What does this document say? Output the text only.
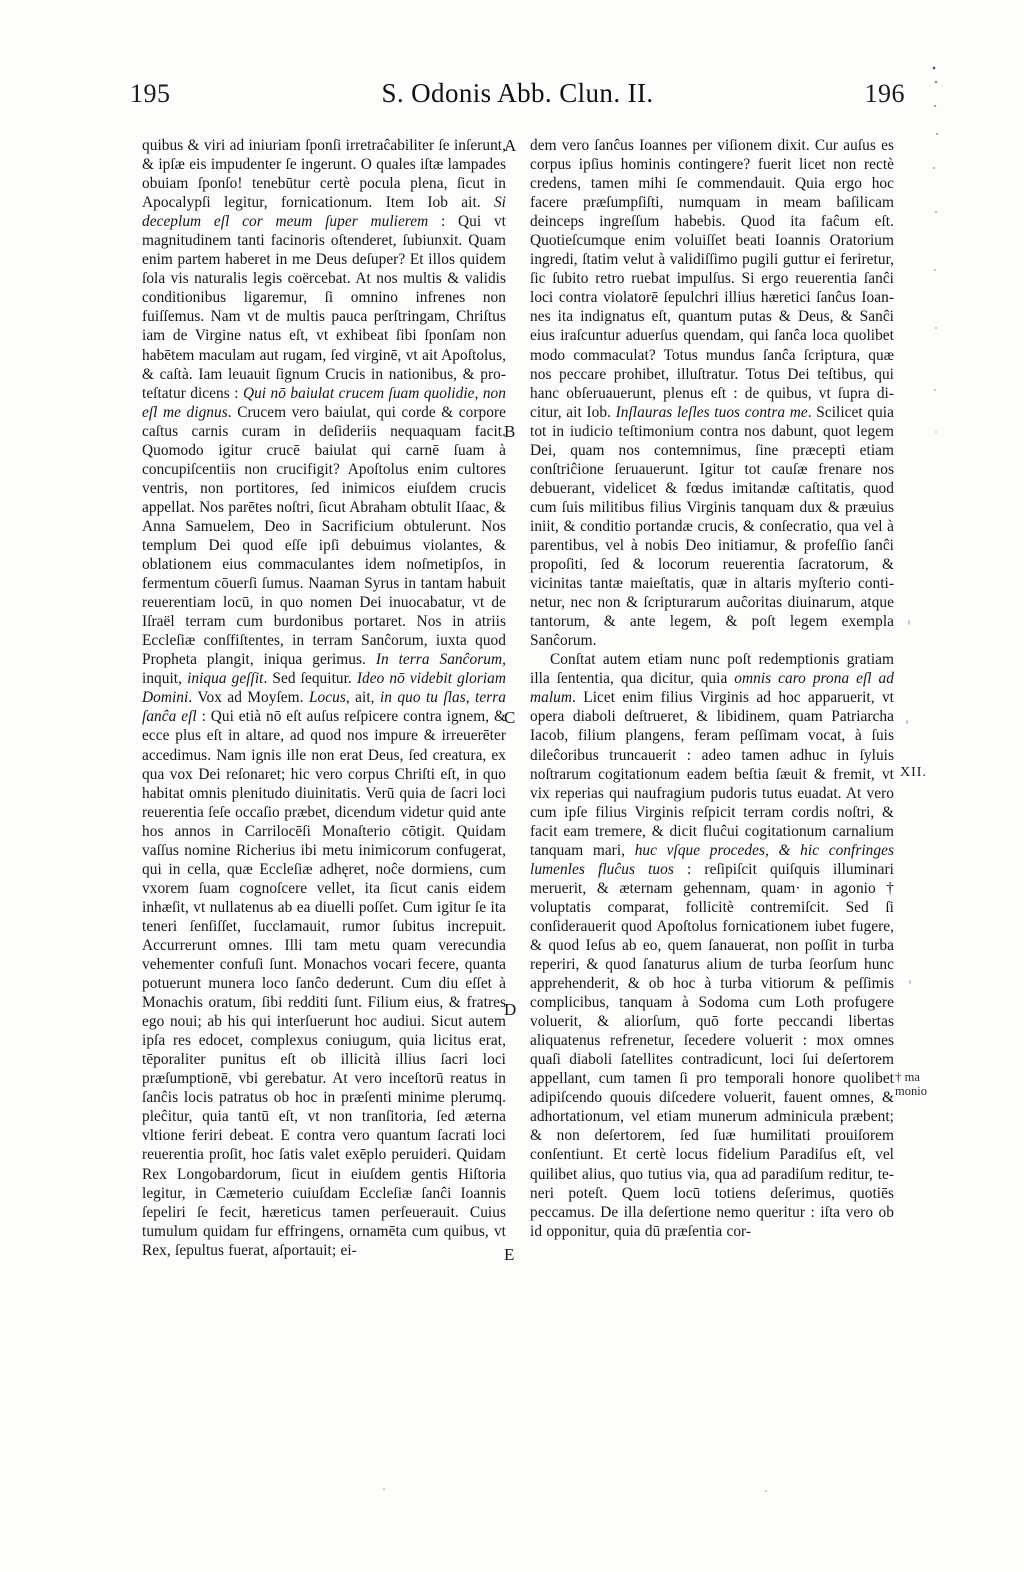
195	S. Odonis Abb. Clun. II.	196

quibus & viri ad iniuriam ſponſi irretraĉabiliter ſe inſerunt, & ipſæ eis impudenter ſe ingerunt. O quales iſtæ lampades obuiam ſponſo! tenebūtur certè pocula plena, ſicut in Apocalypſi legitur, fornicationum. Item Iob ait. Si deceplum eſl cor meum ſuper mulierem : Qui vt magnitudinem tanti facinoris oſtenderet, ſubiunxit. Quam enim partem haberet in me Deus deſuper? Et illos quidem ſola vis naturalis legis coërcebat. At nos multis & validis conditionibus ligaremur, ſi omnino infrenes non fuiſſemus. Nam vt de multis pauca perſtringam, Chriſtus iam de Virgine natus eſt, vt exhibeat ſibi ſponſam non habētem maculam aut rugam, ſed virginē, vt ait Apoſtolus, & caſtà. Iam leuauit ſignum Crucis in nationibus, & proteſtatur dicens : Qui nō baiulat crucem ſuam quolidie, non eſl me dignus. Crucem vero baiulat, qui corde & corpore caſtus carnis curam in deſideriis nequaquam facit. Quomodo igitur crucē baiulat qui carnē ſuam à concupiſcentiis non crucifigit? Apoſtolus enim cultores ventris, non portitores, ſed inimicos eiuſdem crucis appellat. Nos parētes noſtri, ſicut Abraham obtulit Iſaac, & Anna Samuelem, Deo in Sacrificium obtulerunt. Nos templum Dei quod eſſe ipſi debuimus violantes, & oblationem eius commaculantes idem noſmetipſos, in fermentum cōuerſi ſumus. Naaman Syrus in tantam habuit reuerentiam locū, in quo nomen Dei inuocabatur, vt de Iſraël terram cum burdonibus portaret. Nos in atriis Eccleſiæ conſfiſtentes, in terram Sanĉorum, iuxta quod Propheta plangit, iniqua gerimus. In terra Sanĉorum, inquit, iniqua geſſit. Sed ſequitur. Ideo nō videbit gloriam Domini. Vox ad Moyſem. Locus, ait, in quo tu ſlas, terra ſanĉa eſl : Qui etià nō eſt auſus reſpicere contra ignem, & ecce plus eſt in altare, ad quod nos impure & irreuerēter accedimus. Nam ignis ille non erat Deus, ſed creatura, ex qua vox Dei reſonaret; hic vero corpus Chriſti eſt, in quo habitat omnis plenitudo diuinitatis. Verū quia de ſacri loci reuerentia ſeſe occaſio præbet, dicendum videtur quid ante hos annos in Carrilocēſi Monaſterio cōtigit. Quidam vaſſus nomine Richerius ibi metu inimicorum confugerat, qui in cella, quæ Eccleſiæ adhęret, noĉe dormiens, cum vxorem ſuam cognoſcere vellet, ita ſicut canis eidem inhæſit, vt nullatenus ab ea diuelli poſſet. Cum igitur ſe ita teneri ſenſiſſet, ſucclamauit, rumor ſubitus increpuit. Accurrerunt omnes. Illi tam metu quam verecundia vehementer confuſi ſunt. Monachos vocari fecere, quanta potuerunt munera loco ſanĉo dederunt. Cum diu eſſet à Monachis oratum, ſibi redditi ſunt. Filium eius, & fratres ego noui; ab his qui interſuerunt hoc audiui. Sicut autem ipſa res edocet, complexus coniugum, quia licitus erat, tēporaliter punitus eſt ob illicità illius ſacri loci præſumptionē, vbi gerebatur. At vero inceſtorū reatus in ſanĉis locis patratus ob hoc in præſenti minime plerumq. pleĉitur, quia tantū eſt, vt non tranſitoria, ſed æterna vltione feriri debeat. E contra vero quantum ſacrati loci reuerentia proſit, hoc ſatis valet exēplo peruideri. Quidam Rex Longobardorum, ſicut in eiuſdem gentis Hiſtoria legitur, in Cæmeterio cuiuſdam Eccleſiæ ſanĉi Ioannis ſepeliri ſe fecit, hæreticus tamen perſeuerauit. Cuius tumulum quidam fur effringens, ornamēta cum quibus, vt Rex, ſepultus fuerat, aſportauit; ei-

dem vero ſanĉus Ioannes per viſionem dixit. Cur auſus es corpus ipſius hominis contingere? fuerit licet non rectè credens, tamen mihi ſe commendauit. Quia ergo hoc facere præſumpſiſti, numquam in meam baſilicam deinceps ingreſſum habebis. Quod ita faĉum eſt. Quotieſcumque enim voluiſſet beati Ioannis Oratorium ingredi, ſtatim velut à validiſſimo pugili guttur ei feriretur, ſic ſubito retro ruebat impulſus. Si ergo reuerentia ſanĉi loci contra violatorē ſepulchri illius hæretici ſanĉus Ioannes ita indignatus eſt, quantum putas & Deus, & Sanĉi eius iraſcuntur aduerſus quendam, qui ſanĉa loca quolibet modo commaculat? Totus mundus ſanĉa ſcriptura, quæ nos peccare prohibet, illuſtratur. Totus Dei teſtibus, qui hanc obſeruauerunt, plenus eſt : de quibus, vt ſupra dicitur, ait Iob. Inſlauras leſles tuos contra me. Scilicet quia tot in iudicio teſtimonium contra nos dabunt, quot legem Dei, quam nos contemnimus, ſine præcepti etiam conſtriĉione ſeruauerunt. Igitur tot cauſæ frenare nos debuerant, videlicet & fœdus imitandæ caſtitatis, quod cum ſuis militibus filius Virginis tanquam dux & præuius iniit, & conditio portandæ crucis, & conſecratio, qua vel à parentibus, vel à nobis Deo initiamur, & profeſſio ſanĉi propoſiti, ſed & locorum reuerentia ſacratorum, & vicinitas tantæ maieſtatis, quæ in altaris myſterio continetur, nec non & ſcripturarum auĉoritas diuinarum, atque tantorum, & ante legem, & poſt legem exempla Sanĉorum.

Conſtat autem etiam nunc poſt redemptionis gratiam illa ſententia, qua dicitur, quia omnis caro prona eſl ad malum. Licet enim filius Virginis ad hoc apparuerit, vt opera diaboli deſtrueret, & libidinem, quam Patriarcha Iacob, filium plangens, feram peſſimam vocat, à ſuis dileĉoribus truncauerit : adeo tamen adhuc in ſyluis noſtrarum cogitationum eadem beſtia ſæuit & fremit, vt vix reperias qui naufragium pudoris tutus euadat. At vero cum ipſe filius Virginis reſpicit terram cordis noſtri, & facit eam tremere, & dicit fluĉui cogitationum carnalium tanquam mari, huc vſque procedes, & hic confringes lumenles fluĉus tuos : reſipiſcit quiſquis illuminari meruerit, & æternam gehennam, quam· in agonio † voluptatis comparat, follicitè contremiſcit. Sed ſi conſiderauerit quod Apoſtolus fornicationem iubet fugere, & quod Ieſus ab eo, quem ſanauerat, non poſſit in turba reperiri, & quod ſanaturus alium de turba ſeorſum hunc apprehenderit, & ob hoc à turba vitiorum & peſſimis complicibus, tanquam à Sodoma cum Loth profugere voluerit, & aliorſum, quō forte peccandi libertas aliquatenus refrenetur, ſecedere voluerit : mox omnes quaſi diaboli ſatellites contradicunt, loci ſui deſertorem appellant, cum tamen ſi pro temporali honore quolibet adipiſcendo quouis diſcedere voluerit, fauent omnes, & adhortationum, vel etiam munerum adminicula præbent; & non deſertorem, ſed ſuæ humilitati prouiſorem conſentiunt. Et certè locus fidelium Paradiſus eſt, vel quilibet alius, quo tutius via, qua ad paradiſum reditur, teneri poteſt. Quem locū totiens deſerimus, quotiēs peccamus. De illa deſertione nemo queritur : iſta vero ob id opponitur, quia dū præſentia cor-

A
B
C
D
E
XII.
† ma
monio
